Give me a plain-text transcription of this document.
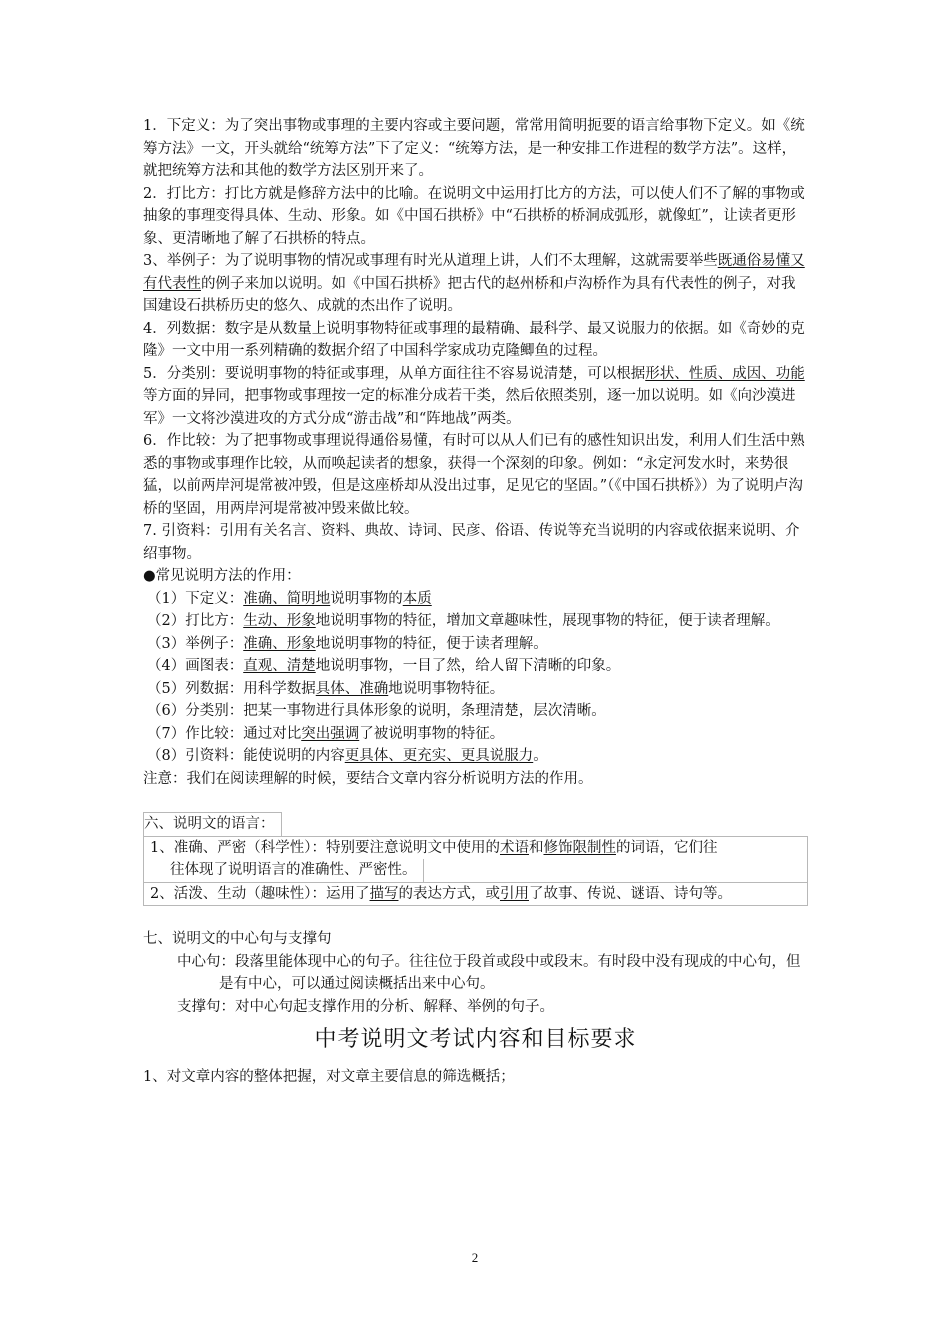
1．下定义：为了突出事物或事理的主要内容或主要问题，常常用简明扼要的语言给事物下定义。如《统筹方法》一文，开头就给“统筹方法”下了定义：“统筹方法，是一种安排工作进程的数学方法”。这样，就把统筹方法和其他的数学方法区别开来了。

2．打比方：打比方就是修辞方法中的比喻。在说明文中运用打比方的方法，可以使人们不了解的事物或抽象的事理变得具体、生动、形象。如《中国石拱桥》中“石拱桥的桥洞成弧形，就像虹”，让读者更形象、更清晰地了解了石拱桥的特点。

3、举例子：为了说明事物的情况或事理有时光从道理上讲，人们不太理解，这就需要举些既通俗易懂又有代表性的例子来加以说明。如《中国石拱桥》把古代的赵州桥和卢沟桥作为具有代表性的例子，对我国建设石拱桥历史的悠久、成就的杰出作了说明。

4．列数据：数字是从数量上说明事物特征或事理的最精确、最科学、最又说服力的依据。如《奇妙的克隆》一文中用一系列精确的数据介绍了中国科学家成功克隆鲫鱼的过程。

5．分类别：要说明事物的特征或事理，从单方面往往不容易说清楚，可以根据形状、性质、成因、功能等方面的异同，把事物或事理按一定的标准分成若干类，然后依照类别，逐一加以说明。如《向沙漠进军》一文将沙漠进攻的方式分成“游击战”和“阵地战”两类。

6．作比较：为了把事物或事理说得通俗易懂，有时可以从人们已有的感性知识出发，利用人们生活中熟悉的事物或事理作比较，从而唤起读者的想象，获得一个深刻的印象。例如：“永定河发水时，来势很猛，以前两岸河堤常被冲毁，但是这座桥却从没出过事，足见它的坚固。”（《中国石拱桥》）为了说明卢沟桥的坚固，用两岸河堤常被冲毁来做比较。

7. 引资料：引用有关名言、资料、典故、诗词、民彦、俗语、传说等充当说明的内容或依据来说明、介绍事物。

●常见说明方法的作用：

（1）下定义：准确、简明地说明事物的本质
（2）打比方：生动、形象地说明事物的特征，增加文章趣味性，展现事物的特征，便于读者理解。
（3）举例子：准确、形象地说明事物的特征，便于读者理解。
（4）画图表：直观、清楚地说明事物，一目了然，给人留下清晰的印象。
（5）列数据：用科学数据具体、准确地说明事物特征。
（6）分类别：把某一事物进行具体形象的说明，条理清楚，层次清晰。
（7）作比较：通过对比突出强调了被说明事物的特征。
（8）引资料：能使说明的内容更具体、更充实、更具说服力。

注意：我们在阅读理解的时候，要结合文章内容分析说明方法的作用。

六、说明文的语言：
1、准确、严密（科学性）：特别要注意说明文中使用的术语和修饰限制性的词语，它们往
往体现了说明语言的准确性、严密性。
2、活泼、生动（趣味性）：运用了描写的表达方式，或引用了故事、传说、谜语、诗句等。

七、说明文的中心句与支撑句

中心句：段落里能体现中心的句子。往往位于段首或段中或段末。有时段中没有现成的中心句，但是有中心，可以通过阅读概括出来中心句。

支撑句：对中心句起支撑作用的分析、解释、举例的句子。

中考说明文考试内容和目标要求

1、对文章内容的整体把握，对文章主要信息的筛选概括；

2
